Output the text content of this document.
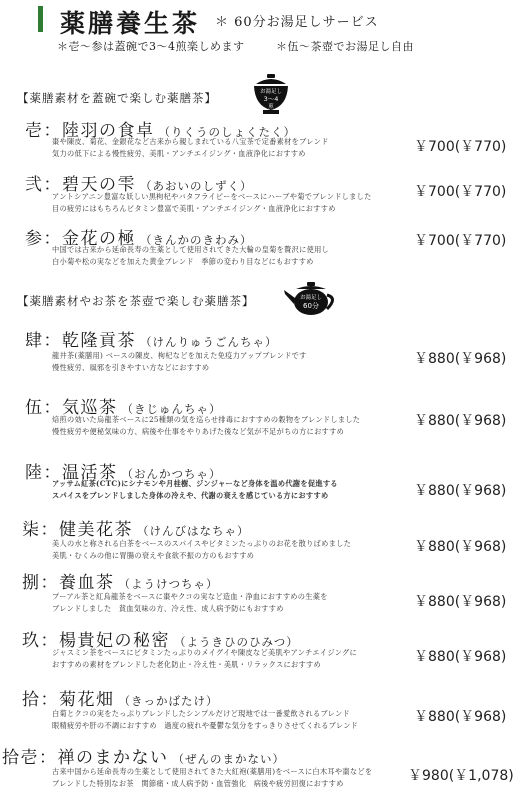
薬膳養生茶 ＊ 60分お湯足しサービス
＊壱～参は蓋碗で3～4煎楽しめます	＊伍～茶壺でお湯足し自由
【薬膳素材を蓋碗で楽しむ薬膳茶】	お湯足し
3～4
煎
【薬膳素材やお茶を茶壺で楽しむ薬膳茶】	お湯足し
60分
壱：陸羽の食卓 （りくうのしょくたく）
棗や陳皮、菊花、金銀花など古来から親しまれている八宝茶で定番素材をブレンド
気力の低下による慢性疲労、美肌・アンチエイジング・血液浄化におすすめ	￥700(￥770)
弐：碧天の雫 （あおいのしずく）
アントシアニン豊富な妖しい黒枸杞やバタフライピーをベースにハーブや菊でブレンドしました
目の疲労にはもちろんビタミン豊富で美肌・アンチエイジング・血液浄化におすすめ
￥700(￥770)
参：金花の極 （きんかのきわみ）
中国では古来から延命長寿の生薬として使用されてきた大輪の皇菊を贅沢に使用し
白小菊や松の実などを加えた黄金ブレンド　季節の変わり目などにもおすすめ
￥700(￥770)
肆：乾隆貢茶 （けんりゅうごんちゃ）
龍井茶(薬膳用) ベースの陳皮、枸杞などを加えた免疫力アップブレンドです
慢性疲労、風邪を引きやすい方などにおすすめ
￥880(￥968)
伍：気巡茶 （きじゅんちゃ）
焙煎の効いた烏龍茶ベースに25種類の気を巡らせ排毒におすすめの穀物をブレンドしました
慢性疲労や便秘気味の方、病後や仕事をやりあげた後など気が不足がちの方におすすめ
￥880(￥968)
陸：温活茶 （おんかつちゃ）
アッサム紅茶(CTC)にシナモンや月桂樹、ジンジャーなど身体を温め代謝を促進する
スパイスをブレンドしました身体の冷えや、代謝の衰えを感じている方におすすめ	￥880(￥968)
柒：健美花茶 （けんびはなちゃ）
美人の水と称される白茶をベースのスパイスやビタミンたっぷりのお花を散りばめました
美肌・むくみの他に胃腸の衰えや食欲不振の方のもおすすめ
￥880(￥968)
捌：養血茶 （ようけつちゃ）
プーアル茶と紅烏龍茶をベースに棗やクコの実など造血・浄血におすすめの生薬を
ブレンドしました　貧血気味の方、冷え性、成人病予防にもおすすめ	￥880(￥968)
玖：楊貴妃の秘密 （ようきひのひみつ）
ジャスミン茶をベースにビタミンたっぷりのメイグイや陳皮など美肌やアンチエイジングに
おすすめの素材をブレンドした老化防止・冷え性・美肌・リラックスにおすすめ	￥880(￥968)
拾：菊花畑 （きっかばたけ）
白菊とクコの実をたっぷりブレンドしたシンプルだけど現地では一番愛飲されるブレンド
眼精疲労や肝の不調におすすめ　過度の疲れや憂鬱な気分をすっきりさせてくれるブレンド
￥880(￥968)
拾壱：禅のまかない （ぜんのまかない）
古来中国から延命長寿の生薬として使用されてきた大紅袍(薬膳用)をベースに白木耳や棗などを
ブレンドした特別なお茶　関節痛・成人病予防・血管強化　病後や疲労回復におすすめ	￥980(￥1,078)
